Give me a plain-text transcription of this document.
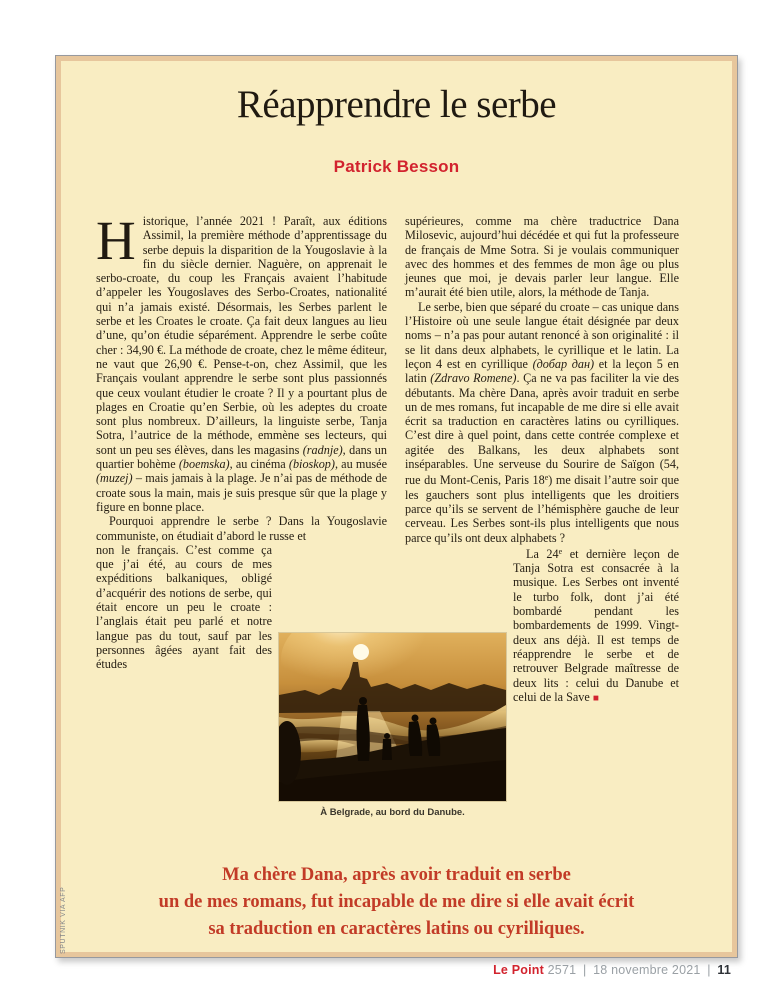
Réapprendre le serbe
Patrick Besson

Historique, l’année 2021 ! Paraît, aux éditions Assimil, la première méthode d’apprentissage du serbe depuis la disparition de la Yougoslavie à la fin du siècle dernier. Naguère, on apprenait le serbo-croate, du coup les Français avaient l’habitude d’appeler les Yougoslaves des Serbo-Croates, nationalité qui n’a jamais existé. Désormais, les Serbes parlent le serbe et les Croates le croate. Ça fait deux langues au lieu d’une, qu’on étudie séparément. Apprendre le serbe coûte cher : 34,90 €. La méthode de croate, chez le même éditeur, ne vaut que 26,90 €. Pense-t-on, chez Assimil, que les Français voulant apprendre le serbe sont plus passionnés que ceux voulant étudier le croate ? Il y a pourtant plus de plages en Croatie qu’en Serbie, où les adeptes du croate sont plus nombreux. D’ailleurs, la linguiste serbe, Tanja Sotra, l’autrice de la méthode, emmène ses lecteurs, qui sont un peu ses élèves, dans les magasins (radnje), dans un quartier bohème (boemska), au cinéma (bioskop), au musée (muzej) – mais jamais à la plage. Je n’ai pas de méthode de croate sous la main, mais je suis presque sûr que la plage y figure en bonne place.

Pourquoi apprendre le serbe ? Dans la Yougoslavie communiste, on étudiait d’abord le russe et

non le français. C’est comme ça que j’ai été, au cours de mes expéditions balkaniques, obligé d’acquérir des notions de serbe, qui était encore un peu le croate : l’anglais était peu parlé et notre langue pas du tout, sauf par les personnes âgées ayant fait des études

supérieures, comme ma chère traductrice Dana Milosevic, aujourd’hui décédée et qui fut la professeure de français de Mme Sotra. Si je voulais communiquer avec des hommes et des femmes de mon âge ou plus jeunes que moi, je devais parler leur langue. Elle m’aurait été bien utile, alors, la méthode de Tanja.

Le serbe, bien que séparé du croate – cas unique dans l’Histoire où une seule langue était désignée par deux noms – n’a pas pour autant renoncé à son originalité : il se lit dans deux alphabets, le cyrillique et le latin. La leçon 4 est en cyrillique (добар дан) et la leçon 5 en latin (Zdravo Romene). Ça ne va pas faciliter la vie des débutants. Ma chère Dana, après avoir traduit en serbe un de mes romans, fut incapable de me dire si elle avait écrit sa traduction en caractères latins ou cyrilliques. C’est dire à quel point, dans cette contrée complexe et agitée des Balkans, les deux alphabets sont inséparables. Une serveuse du Sourire de Saïgon (54, rue du Mont-Cenis, Paris 18e) me disait l’autre soir que les gauchers sont plus intelligents que les droitiers parce qu’ils se servent de l’hémisphère gauche de leur cerveau. Les Serbes sont-ils plus intelligents que nous parce qu’ils ont deux alphabets ?

La 24e et dernière leçon de Tanja Sotra est consacrée à la musique. Les Serbes ont inventé le turbo folk, dont j’ai été bombardé pendant les bombardements de 1999. Vingt-deux ans déjà. Il est temps de réapprendre le serbe et de retrouver Belgrade maîtresse de deux lits : celui du Danube et celui de la Save ■

À Belgrade, au bord du Danube.
SPUTNIK VIA AFP
Ma chère Dana, après avoir traduit en serbe
un de mes romans, fut incapable de me dire si elle avait écrit
sa traduction en caractères latins ou cyrilliques.
Le Point 2571 | 18 novembre 2021 | 11
